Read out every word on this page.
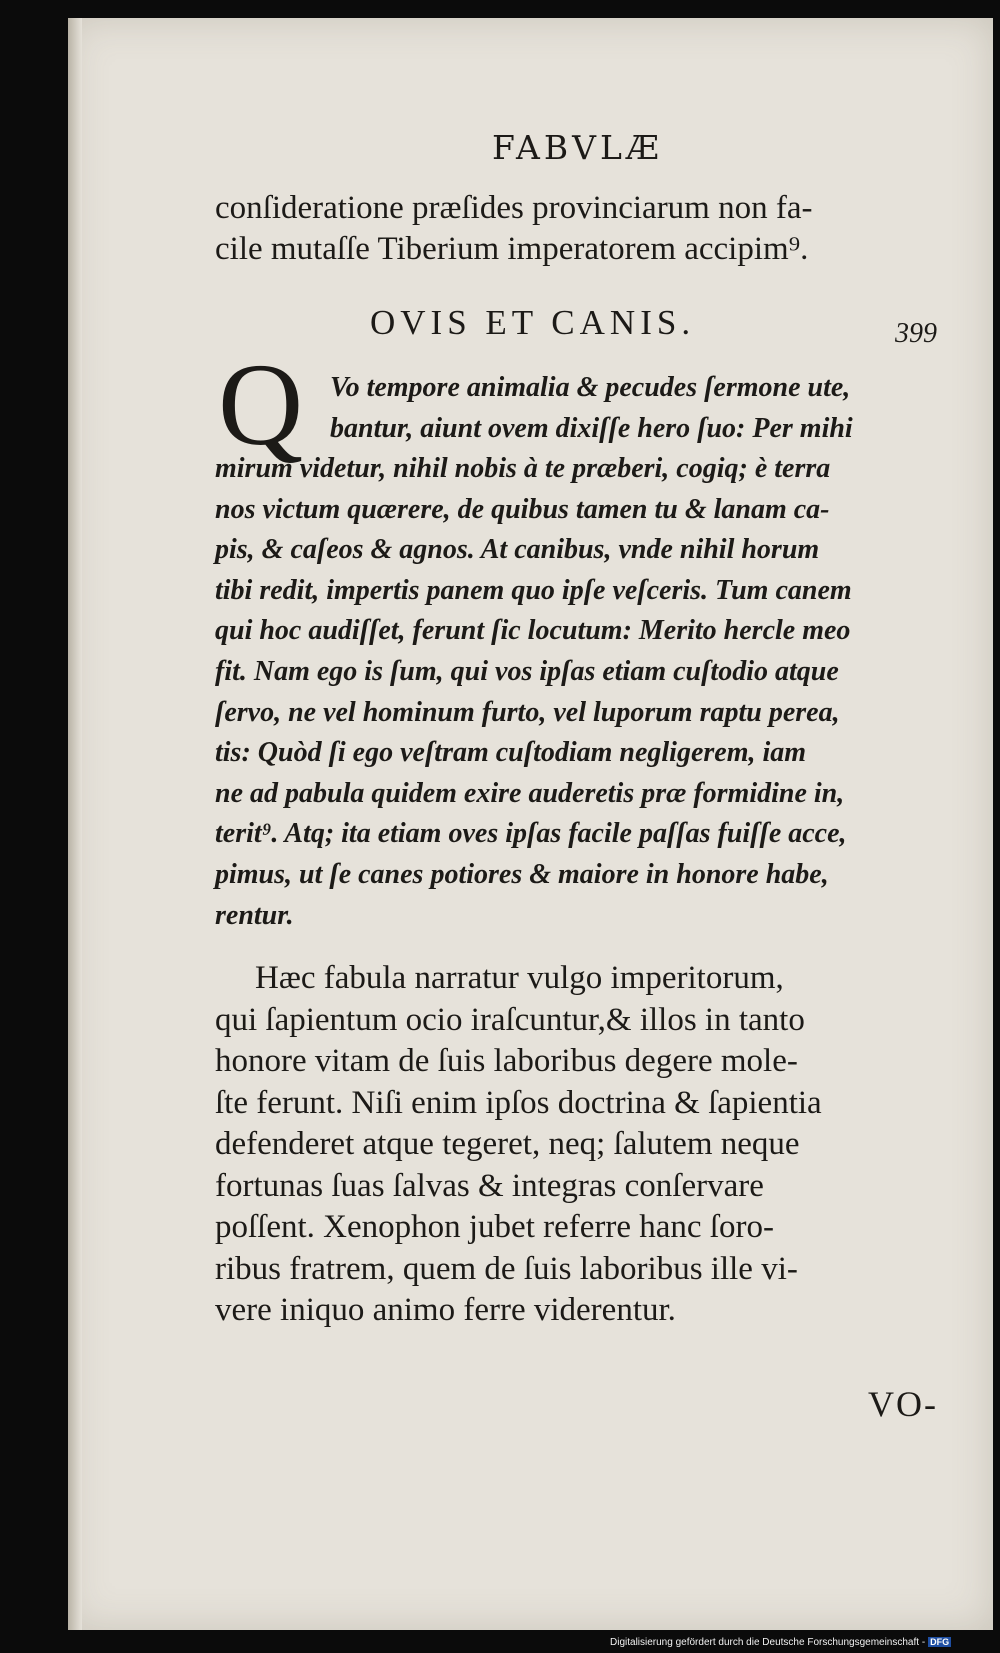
FABVLÆ
conſideratione præſides provinciarum non fa-
cile mutaſſe Tiberium imperatorem accipim⁹.
OVIS ET CANIS.	399
Q Vo tempore animalia & pecudes ſermone ute,
bantur, aiunt ovem dixiſſe hero ſuo: Per mihi
mirum videtur, nihil nobis à te præberi, cogiq; è terra
nos victum quærere, de quibus tamen tu & lanam ca-
pis, & caſeos & agnos. At canibus, vnde nihil horum
tibi redit, impertis panem quo ipſe veſceris. Tum canem
qui hoc audiſſet, ferunt ſic locutum: Merito hercle meo
fit. Nam ego is ſum, qui vos ipſas etiam cuſtodio atque
ſervo, ne vel hominum furto, vel luporum raptu perea,
tis: Quòd ſi ego veſtram cuſtodiam negligerem, iam
ne ad pabula quidem exire auderetis præ formidine in,
terit⁹. Atq; ita etiam oves ipſas facile paſſas fuiſſe acce,
pimus, ut ſe canes potiores & maiore in honore habe,
rentur.
Hæc fabula narratur vulgo imperitorum,
qui ſapientum ocio iraſcuntur,& illos in tanto
honore vitam de ſuis laboribus degere mole-
ſte ferunt. Niſi enim ipſos doctrina & ſapientia
defenderet atque tegeret, neq; ſalutem neque
fortunas ſuas ſalvas & integras conſervare
poſſent. Xenophon jubet referre hanc ſoro-
ribus fratrem, quem de ſuis laboribus ille vi-
vere iniquo animo ferre viderentur.
VO-
Digitalisierung gefördert durch die Deutsche Forschungsgemeinschaft - DFG
